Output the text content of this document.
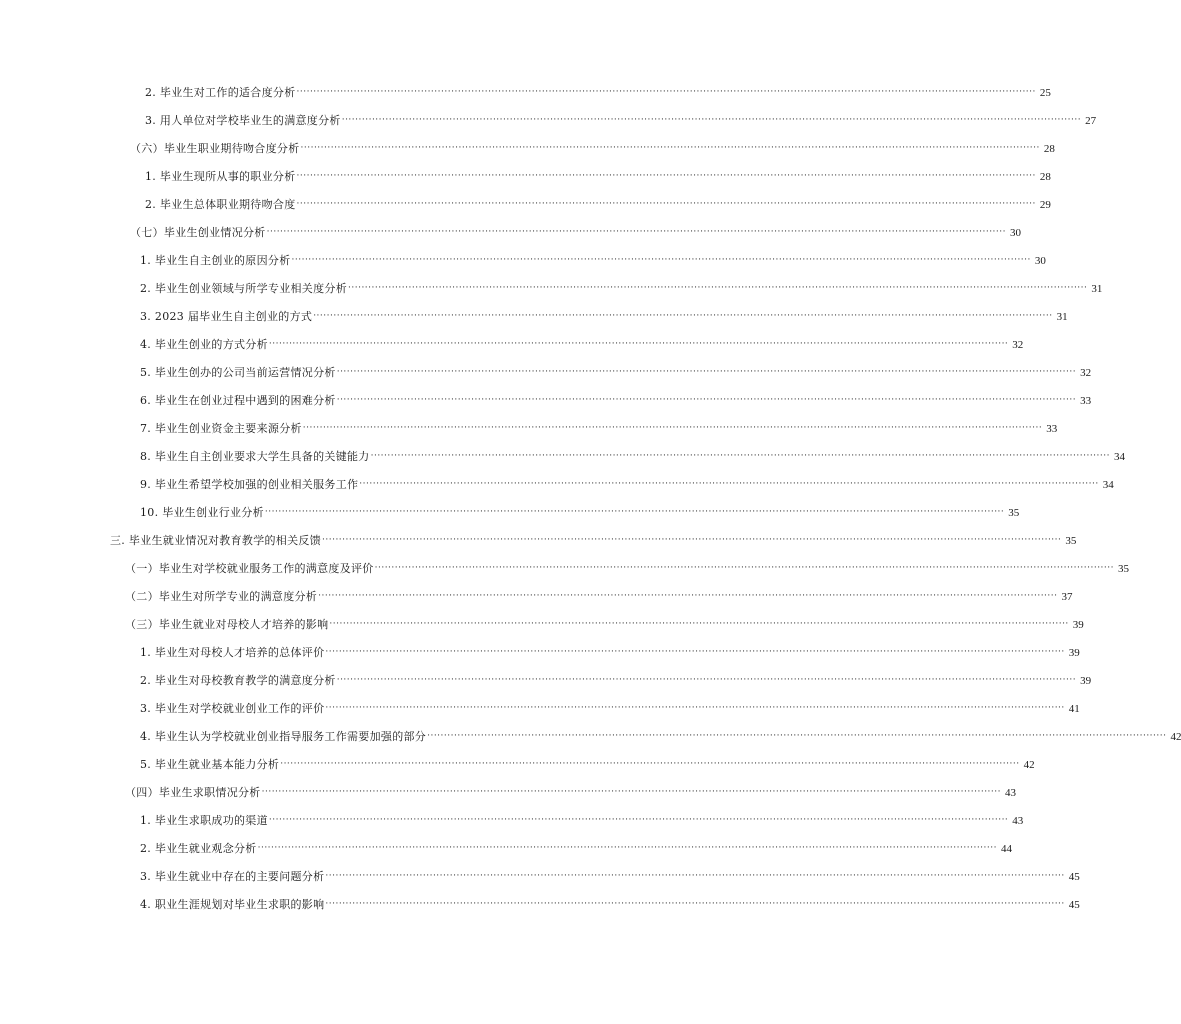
2. 毕业生对工作的适合度分析 ···························································································································································································································· 25
3. 用人单位对学校毕业生的满意度分析 ···························································································································································································································· 27
（六）毕业生职业期待吻合度分析 ···························································································································································································································· 28
1. 毕业生现所从事的职业分析 ···························································································································································································································· 28
2. 毕业生总体职业期待吻合度 ···························································································································································································································· 29
（七）毕业生创业情况分析 ···························································································································································································································· 30
1. 毕业生自主创业的原因分析 ···························································································································································································································· 30
2. 毕业生创业领域与所学专业相关度分析 ···························································································································································································································· 31
3. 2023 届毕业生自主创业的方式 ···························································································································································································································· 31
4. 毕业生创业的方式分析 ···························································································································································································································· 32
5. 毕业生创办的公司当前运营情况分析 ···························································································································································································································· 32
6. 毕业生在创业过程中遇到的困难分析 ···························································································································································································································· 33
7. 毕业生创业资金主要来源分析 ···························································································································································································································· 33
8. 毕业生自主创业要求大学生具备的关键能力 ···························································································································································································································· 34
9. 毕业生希望学校加强的创业相关服务工作 ···························································································································································································································· 34
10. 毕业生创业行业分析 ···························································································································································································································· 35
三. 毕业生就业情况对教育教学的相关反馈 ···························································································································································································································· 35
（一）毕业生对学校就业服务工作的满意度及评价 ···························································································································································································································· 35
（二）毕业生对所学专业的满意度分析 ···························································································································································································································· 37
（三）毕业生就业对母校人才培养的影响 ···························································································································································································································· 39
1. 毕业生对母校人才培养的总体评价 ···························································································································································································································· 39
2. 毕业生对母校教育教学的满意度分析 ···························································································································································································································· 39
3. 毕业生对学校就业创业工作的评价 ···························································································································································································································· 41
4. 毕业生认为学校就业创业指导服务工作需要加强的部分 ···························································································································································································································· 42
5. 毕业生就业基本能力分析 ···························································································································································································································· 42
（四）毕业生求职情况分析 ···························································································································································································································· 43
1. 毕业生求职成功的渠道 ···························································································································································································································· 43
2. 毕业生就业观念分析 ···························································································································································································································· 44
3. 毕业生就业中存在的主要问题分析 ···························································································································································································································· 45
4. 职业生涯规划对毕业生求职的影响 ···························································································································································································································· 45
